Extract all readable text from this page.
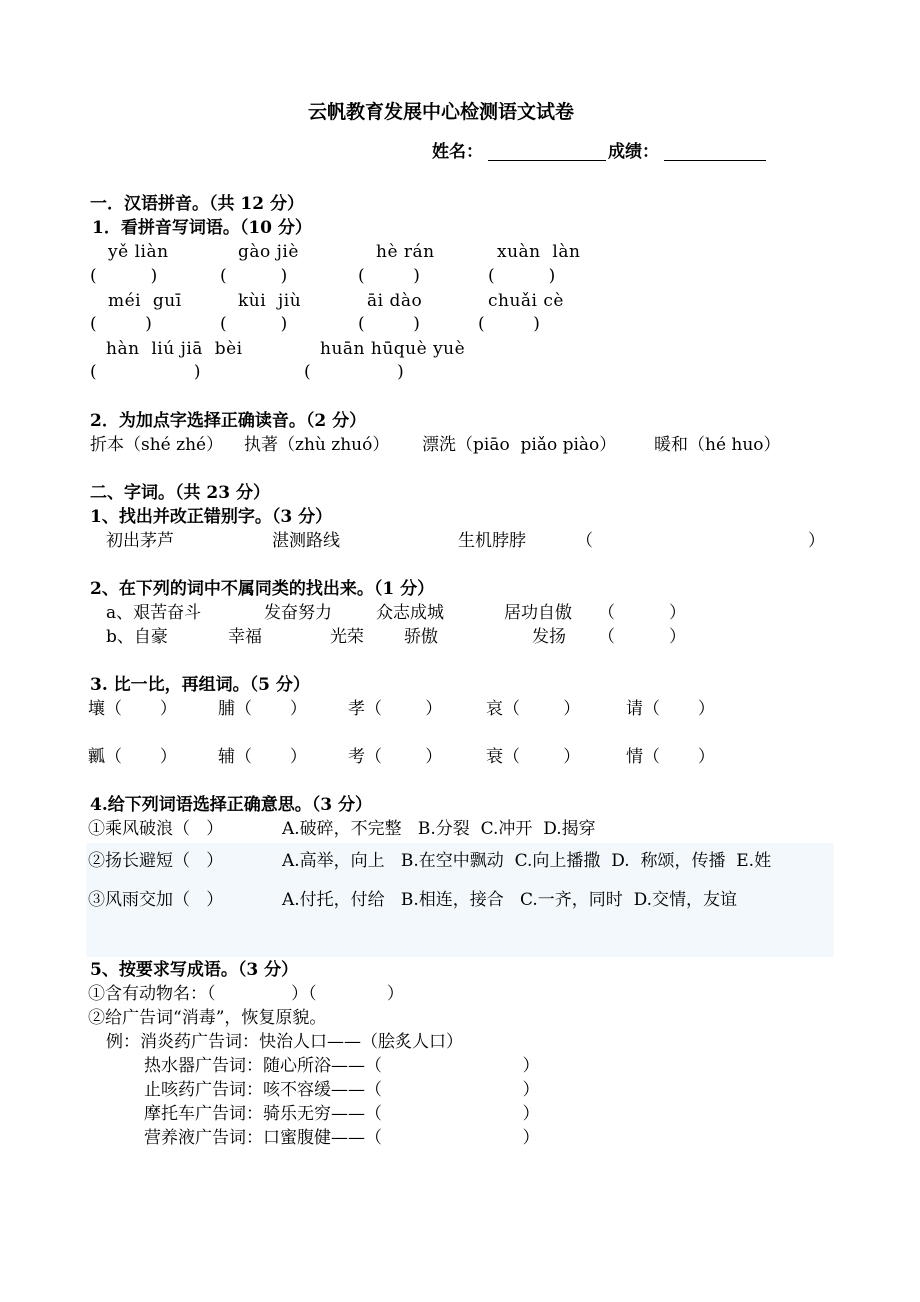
云帆教育发展中心检测语文试卷
姓名：	成绩：
一．汉语拼音。（共 12 分）
1．看拼音写词语。（10 分）
yě liàn	gào jiè	hè rán	xuàn  làn
(          )	(          )	(         )	(          )
méi  guī	kùi  jiù	āi dào	chuǎi cè
(         )	(          )	(         )	(         )
hàn  liú jiā  bèi	huān hūquè yuè
(                  )	(                )
2．为加点字选择正确读音。（2 分）
折本（shé zhé） 执著（zhù zhuó） 漂洗（piāo  piǎo piào） 暖和（hé huo）
二、字词。（共 23 分）
1、找出并改正错别字。（3 分）
初出茅芦	湛测路线	生机脖脖	（	）
2、在下列的词中不属同类的找出来。（1 分）
a、艰苦奋斗	发奋努力	众志成城	居功自傲 （          ）
b、自豪	幸福	光荣 骄傲	发扬 （          ）
3. 比一比，再组词。（5 分）
壤（       ） 脯（       ） 孝（        ）	哀（        ）	请（       ）
瓤（       ） 辅（       ） 考（        ）	衰（        ）	情（       ）
4.给下列词语选择正确意思。（3 分）
①乘风破浪（   ）	A.破碎，不完整   B.分裂  C.冲开  D.揭穿
②扬长避短（   ）	A.高举，向上   B.在空中飘动  C.向上播撒  D.  称颂，传播  E.姓
③风雨交加（   ）	A.付托，付给   B.相连，接合   C.一齐，同时  D.交情，友谊
5、按要求写成语。（3 分）
①含有动物名：（              ）（             ）
②给广告词“消毒”，恢复原貌。
例：消炎药广告词：快治人口——（脍炙人口）
热水器广告词：随心所浴——（                          ）
止咳药广告词：咳不容缓——（                          ）
摩托车广告词：骑乐无穷——（                          ）
营养液广告词：口蜜腹健——（                          ）
